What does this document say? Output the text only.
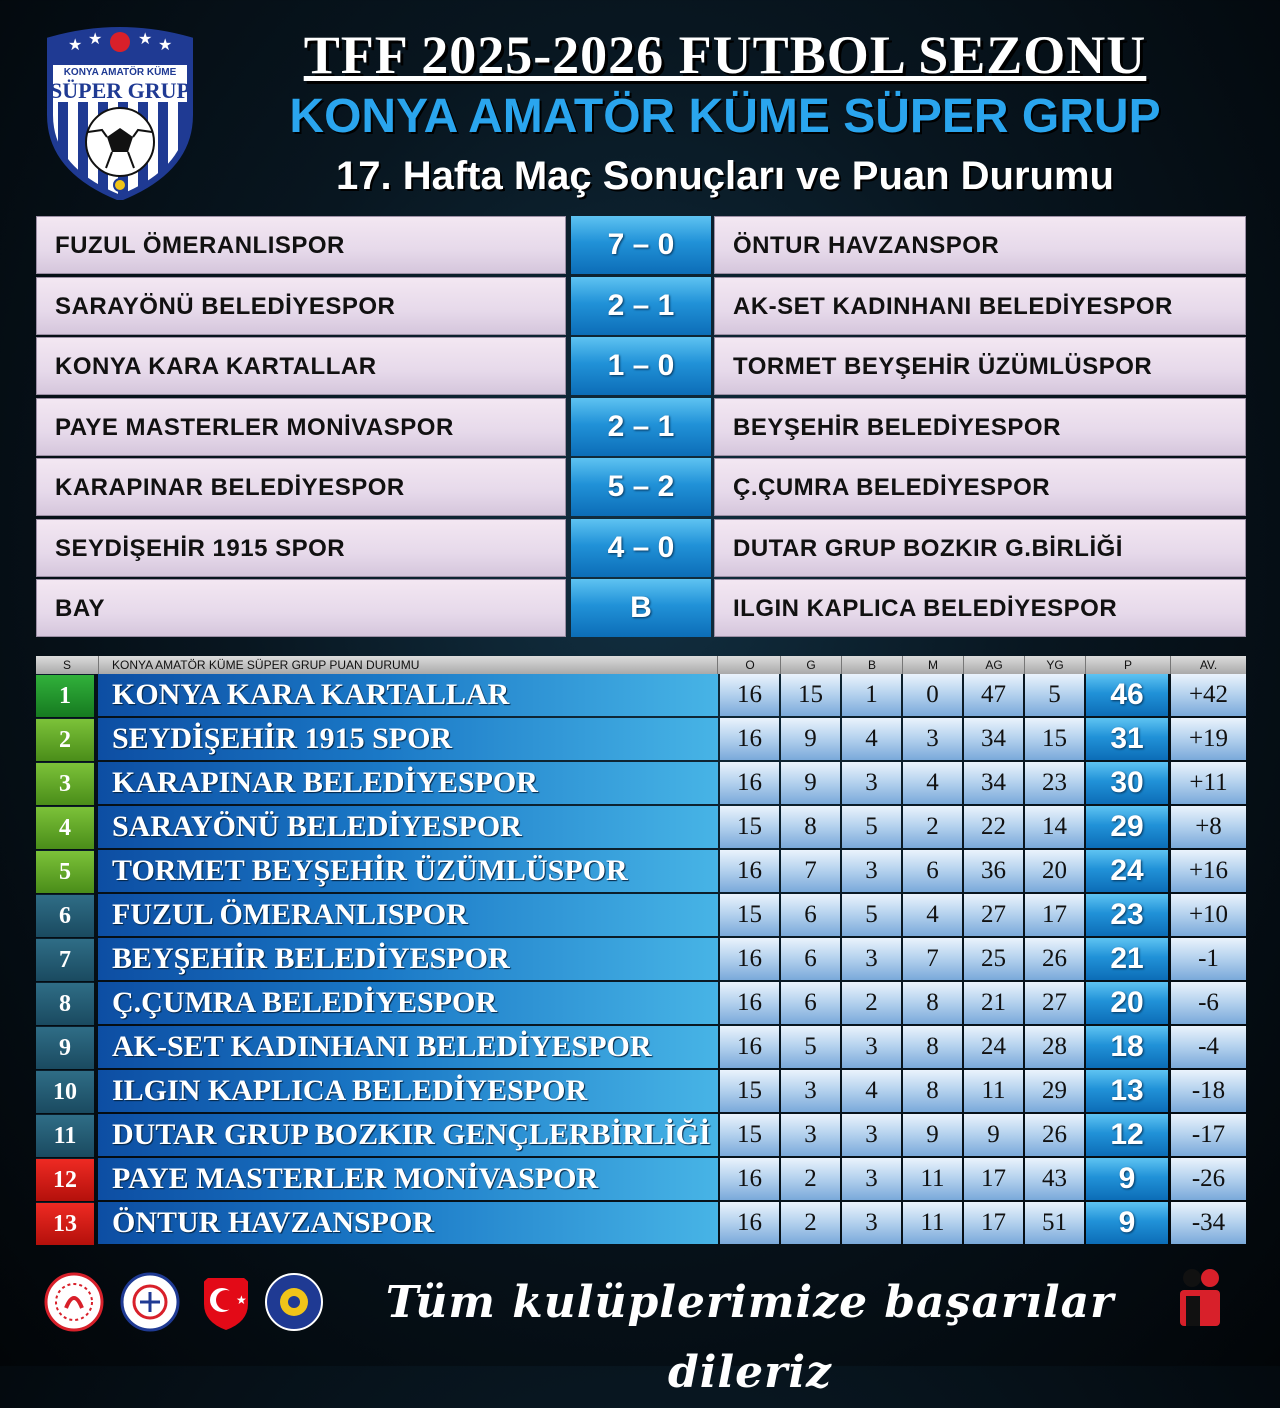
★ ★ ★ ★
KONYA AMATÖR KÜME
SÜPER GRUP
TFF 2025-2026 FUTBOL SEZONU
KONYA AMATÖR KÜME SÜPER GRUP
17. Hafta Maç Sonuçları ve Puan Durumu
FUZUL ÖMERANLISPOR	7 – 0	ÖNTUR HAVZANSPOR
SARAYÖNÜ BELEDİYESPOR	2 – 1	AK-SET KADINHANI BELEDİYESPOR
KONYA KARA KARTALLAR	1 – 0	TORMET BEYŞEHİR ÜZÜMLÜSPOR
PAYE MASTERLER MONİVASPOR	2 – 1	BEYŞEHİR BELEDİYESPOR
KARAPINAR BELEDİYESPOR	5 – 2	Ç.ÇUMRA BELEDİYESPOR
SEYDİŞEHİR 1915 SPOR	4 – 0	DUTAR GRUP BOZKIR G.BİRLİĞİ
BAY	B	ILGIN KAPLICA BELEDİYESPOR
S	KONYA AMATÖR KÜME SÜPER GRUP PUAN DURUMU	O	G	B	M	AG	YG	P	AV.
1	KONYA KARA KARTALLAR	16	15	1	0	47	5	46	+42
2	SEYDİŞEHİR 1915 SPOR	16	9	4	3	34	15	31	+19
3	KARAPINAR BELEDİYESPOR	16	9	3	4	34	23	30	+11
4	SARAYÖNÜ BELEDİYESPOR	15	8	5	2	22	14	29	+8
5	TORMET BEYŞEHİR ÜZÜMLÜSPOR	16	7	3	6	36	20	24	+16
6	FUZUL ÖMERANLISPOR	15	6	5	4	27	17	23	+10
7	BEYŞEHİR BELEDİYESPOR	16	6	3	7	25	26	21	-1
8	Ç.ÇUMRA BELEDİYESPOR	16	6	2	8	21	27	20	-6
9	AK-SET KADINHANI BELEDİYESPOR	16	5	3	8	24	28	18	-4
10	ILGIN KAPLICA BELEDİYESPOR	15	3	4	8	11	29	13	-18
11	DUTAR GRUP BOZKIR GENÇLERBİRLİĞİ	15	3	3	9	9	26	12	-17
12	PAYE MASTERLER MONİVASPOR	16	2	3	11	17	43	9	-26
13	ÖNTUR HAVZANSPOR	16	2	3	11	17	51	9	-34
★	Tüm kulüplerimize başarılar dileriz
